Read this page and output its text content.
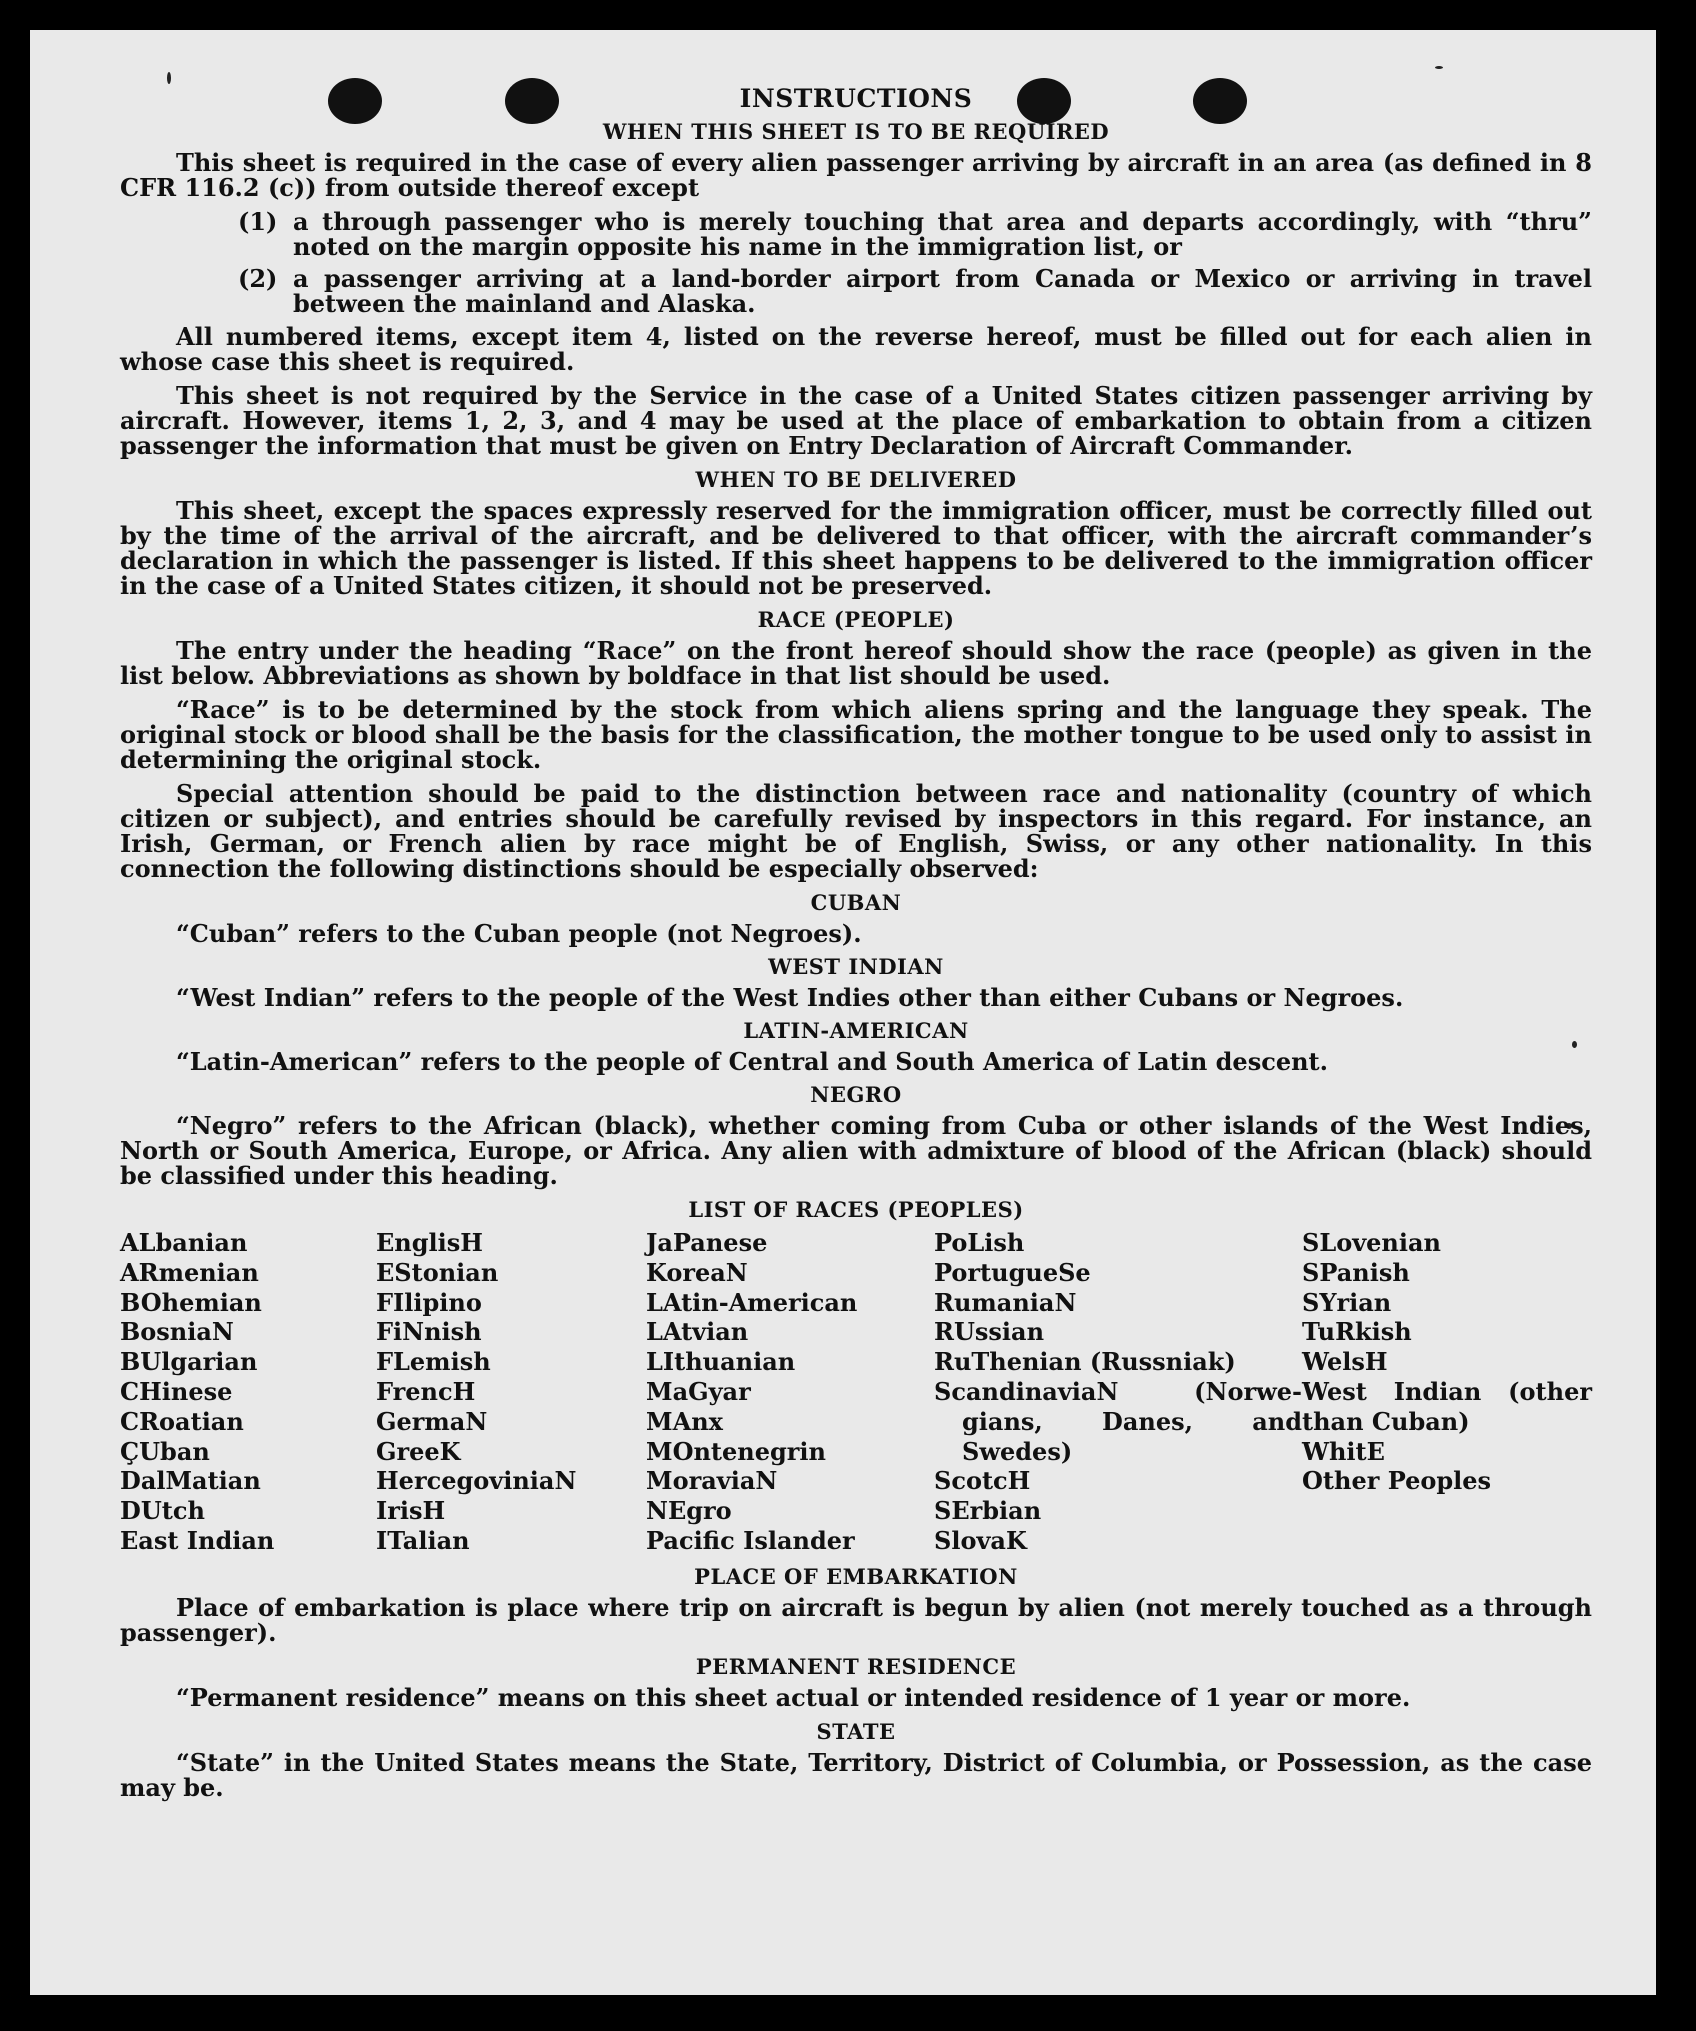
INSTRUCTIONS
WHEN THIS SHEET IS TO BE REQUIRED

This sheet is required in the case of every alien passenger arriving by aircraft in an area (as defined in 8 CFR 116.2 (c)) from outside thereof except

(1) a through passenger who is merely touching that area and departs accordingly, with “thru” noted on the margin opposite his name in the immigration list, or
(2) a passenger arriving at a land-border airport from Canada or Mexico or arriving in travel between the mainland and Alaska.

All numbered items, except item 4, listed on the reverse hereof, must be filled out for each alien in whose case this sheet is required.

This sheet is not required by the Service in the case of a United States citizen passenger arriving by aircraft. However, items 1, 2, 3, and 4 may be used at the place of embarkation to obtain from a citizen passenger the information that must be given on Entry Declaration of Aircraft Commander.

WHEN TO BE DELIVERED

This sheet, except the spaces expressly reserved for the immigration officer, must be correctly filled out by the time of the arrival of the aircraft, and be delivered to that officer, with the aircraft commander’s declaration in which the passenger is listed. If this sheet happens to be delivered to the immigration officer in the case of a United States citizen, it should not be preserved.

RACE (PEOPLE)

The entry under the heading “Race” on the front hereof should show the race (people) as given in the list below. Abbreviations as shown by boldface in that list should be used.

“Race” is to be determined by the stock from which aliens spring and the language they speak. The original stock or blood shall be the basis for the classification, the mother tongue to be used only to assist in determining the original stock.

Special attention should be paid to the distinction between race and nationality (country of which citizen or subject), and entries should be carefully revised by inspectors in this regard. For instance, an Irish, German, or French alien by race might be of English, Swiss, or any other nationality. In this connection the following distinctions should be especially observed:

CUBAN

“Cuban” refers to the Cuban people (not Negroes).

WEST INDIAN

“West Indian” refers to the people of the West Indies other than either Cubans or Negroes.

LATIN-AMERICAN

“Latin-American” refers to the people of Central and South America of Latin descent.

NEGRO

“Negro” refers to the African (black), whether coming from Cuba or other islands of the West Indies, North or South America, Europe, or Africa. Any alien with admixture of blood of the African (black) should be classified under this heading.

LIST OF RACES (PEOPLES)
ALbanian
ARmenian
BOhemian
BosniaN
BUlgarian
CHinese
CRoatian
ÇUban
DalMatian
DUtch
East Indian
EnglisH
EStonian
FIlipino
FiNnish
FLemish
FrencH
GermaN
GreeK
HercegoviniaN
IrisH
ITalian
JaPanese
KoreaN
LAtin-American
LAtvian
LIthuanian
MaGyar
MAnx
MOntenegrin
MoraviaN
NEgro
Pacific Islander
PoLish
PortugueSe
RumaniaN
RUssian
RuThenian (Russniak)
ScandinaviaN (Norwe-
gians, Danes, and
Swedes)
ScotcH
SErbian
SlovaK
SLovenian
SPanish
SYrian
TuRkish
WelsH
West Indian (other
than Cuban)
WhitE
Other Peoples
PLACE OF EMBARKATION

Place of embarkation is place where trip on aircraft is begun by alien (not merely touched as a through passenger).

PERMANENT RESIDENCE

“Permanent residence” means on this sheet actual or intended residence of 1 year or more.

STATE

“State” in the United States means the State, Territory, District of Columbia, or Possession, as the case may be.
